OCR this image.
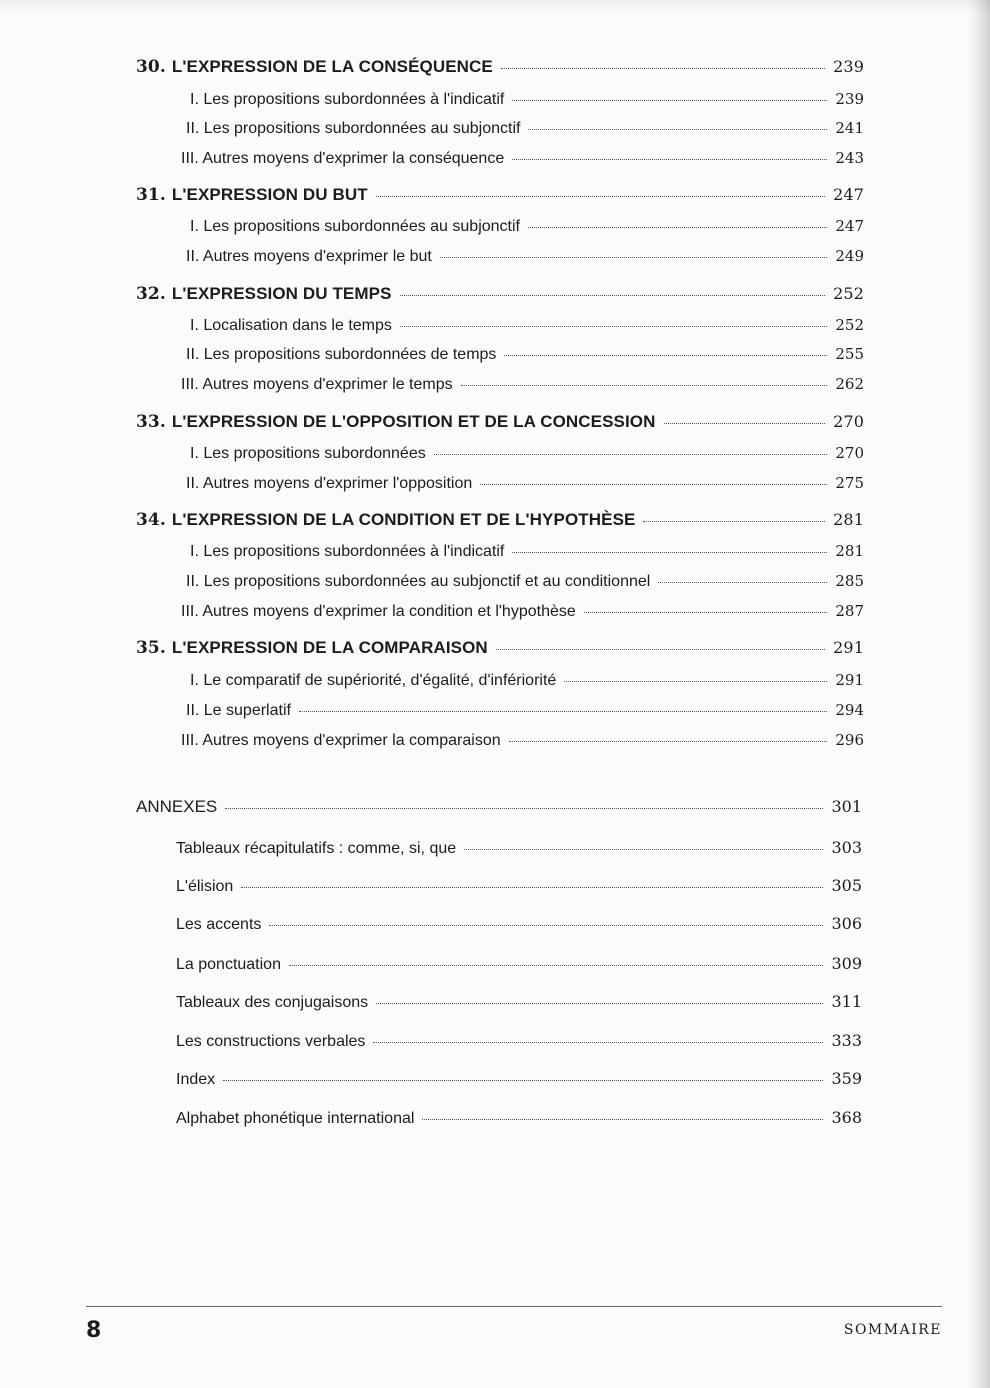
30. L'EXPRESSION DE LA CONSÉQUENCE	239
I. Les propositions subordonnées à l'indicatif	239
II. Les propositions subordonnées au subjonctif	241
III. Autres moyens d'exprimer la conséquence	243
31. L'EXPRESSION DU BUT	247
I. Les propositions subordonnées au subjonctif	247
II. Autres moyens d'exprimer le but	249
32. L'EXPRESSION DU TEMPS	252
I. Localisation dans le temps	252
II. Les propositions subordonnées de temps	255
III. Autres moyens d'exprimer le temps	262
33. L'EXPRESSION DE L'OPPOSITION ET DE LA CONCESSION	270
I. Les propositions subordonnées	270
II. Autres moyens d'exprimer l'opposition	275
34. L'EXPRESSION DE LA CONDITION ET DE L'HYPOTHÈSE	281
I. Les propositions subordonnées à l'indicatif	281
II. Les propositions subordonnées au subjonctif et au conditionnel	285
III. Autres moyens d'exprimer la condition et l'hypothèse	287
35. L'EXPRESSION DE LA COMPARAISON	291
I. Le comparatif de supériorité, d'égalité, d'infériorité	291
II. Le superlatif	294
III. Autres moyens d'exprimer la comparaison	296
ANNEXES	301
Tableaux récapitulatifs : comme, si, que	303
L'élision	305
Les accents	306
La ponctuation	309
Tableaux des conjugaisons	311
Les constructions verbales	333
Index	359
Alphabet phonétique international	368
8	SOMMAIRE
